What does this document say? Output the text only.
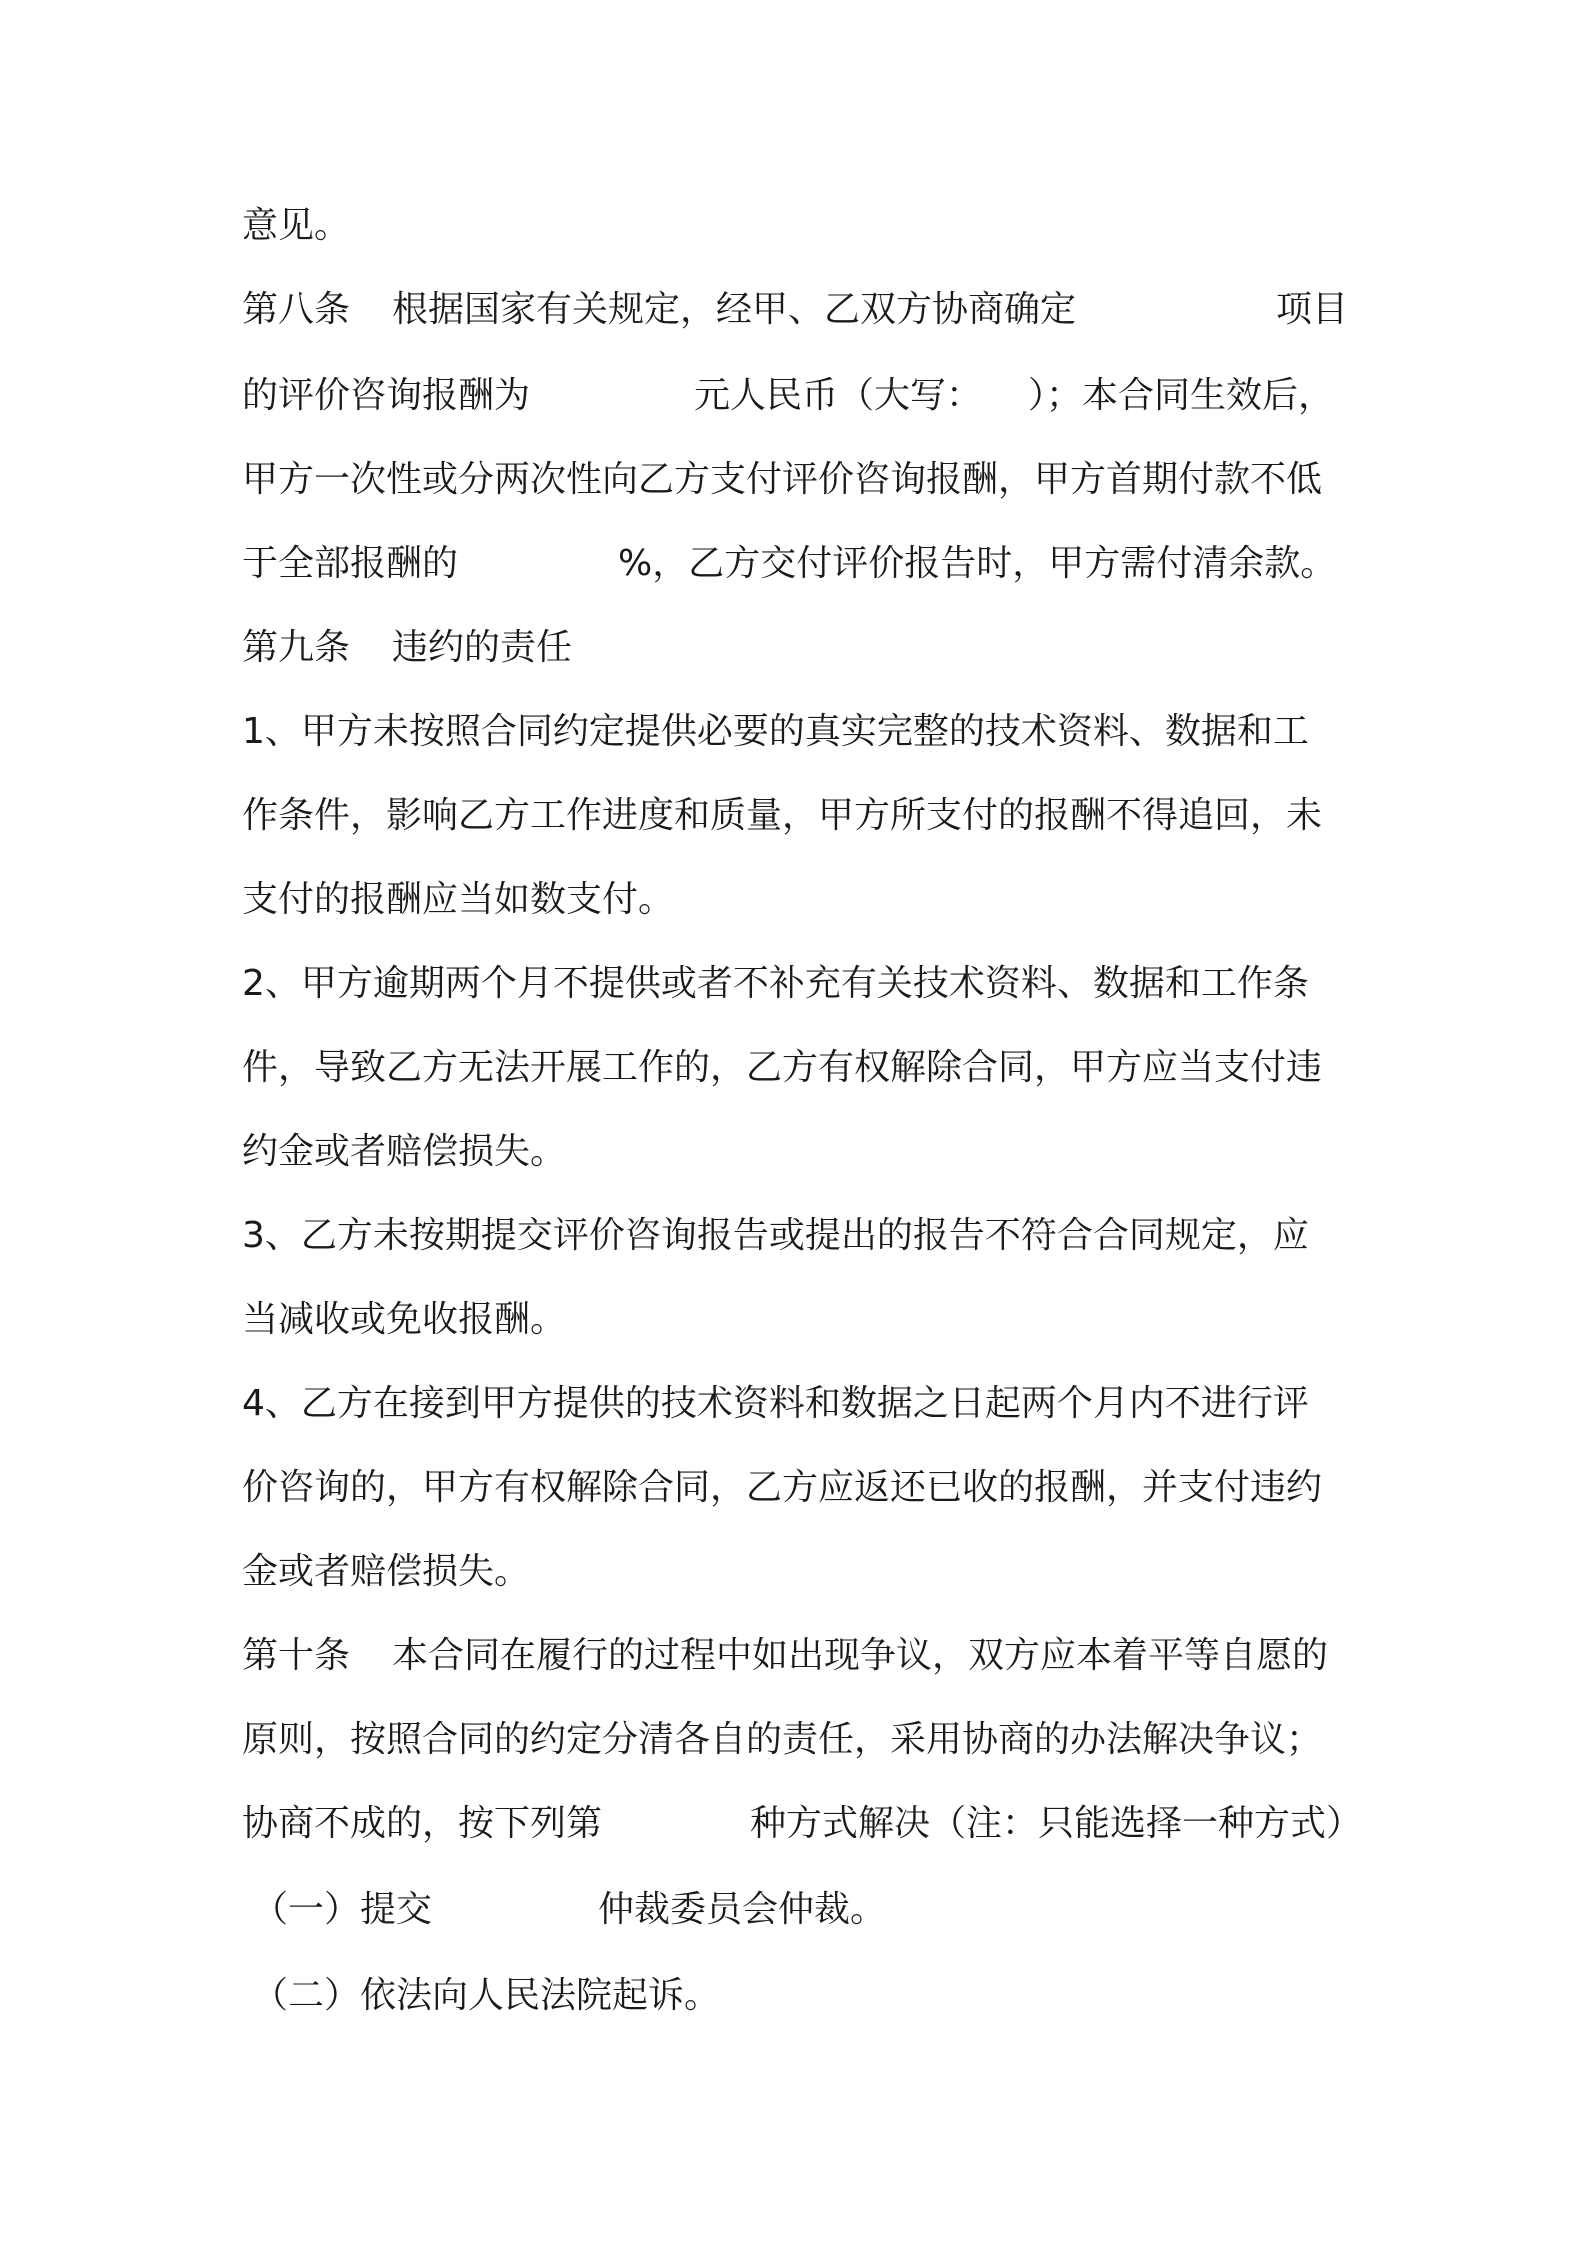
意见。

第八条

根据国家有关规定，经甲、乙双方协商确定

	项目

的评价咨询报酬为

	元人民币（大写：

）；本合同生效后，

甲方一次性或分两次性向乙方支付评价咨询报酬，甲方首期付款不低

于全部报酬的

	%，乙方交付评价报告时，甲方需付清余款。

第九条

违约的责任

1、甲方未按照合同约定提供必要的真实完整的技术资料、数据和工

作条件，影响乙方工作进度和质量，甲方所支付的报酬不得追回，未

支付的报酬应当如数支付。

2、甲方逾期两个月不提供或者不补充有关技术资料、数据和工作条

件，导致乙方无法开展工作的，乙方有权解除合同，甲方应当支付违

约金或者赔偿损失。

3、乙方未按期提交评价咨询报告或提出的报告不符合合同规定，应

当减收或免收报酬。

4、乙方在接到甲方提供的技术资料和数据之日起两个月内不进行评

价咨询的，甲方有权解除合同，乙方应返还已收的报酬，并支付违约

金或者赔偿损失。

第十条

本合同在履行的过程中如出现争议，双方应本着平等自愿的

原则，按照合同的约定分清各自的责任，采用协商的办法解决争议；

协商不成的，按下列第

	种方式解决（注：只能选择一种方式）

（一）提交

	仲裁委员会仲裁。

（二）依法向人民法院起诉。
